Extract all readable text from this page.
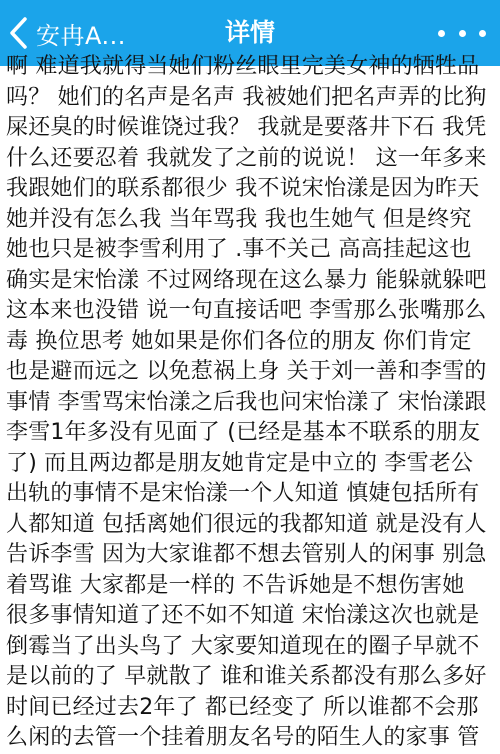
安冉A...	详情
啊 难道我就得当她们粉丝眼里完美女神的牺牲品吗？ 她们的名声是名声 我被她们把名声弄的比狗屎还臭的时候谁饶过我？ 我就是要落井下石 我凭什么还要忍着 我就发了之前的说说！ 这一年多来 我跟她们的联系都很少 我不说宋怡漾是因为昨天她并没有怎么我 当年骂我 我也生她气 但是终究她也只是被李雪利用了 .事不关己 高高挂起这也确实是宋怡漾 不过网络现在这么暴力 能躲就躲吧 这本来也没错 说一句直接话吧 李雪那么张嘴那么毒 换位思考 她如果是你们各位的朋友 你们肯定也是避而远之 以免惹祸上身 关于刘一善和李雪的事情 李雪骂宋怡漾之后我也问宋怡漾了 宋怡漾跟李雪1年多没有见面了 (已经是基本不联系的朋友了) 而且两边都是朋友她肯定是中立的 李雪老公出轨的事情不是宋怡漾一个人知道 慎婕包括所有人都知道 包括离她们很远的我都知道 就是没有人告诉李雪 因为大家谁都不想去管别人的闲事 别急着骂谁 大家都是一样的 不告诉她是不想伤害她 很多事情知道了还不如不知道 宋怡漾这次也就是倒霉当了出头鸟了 大家要知道现在的圈子早就不是以前的了 早就散了 谁和谁关系都没有那么多好 时间已经过去2年了 都已经变了 所以谁都不会那么闲的去管一个挂着朋友名号的陌生人的家事 管
